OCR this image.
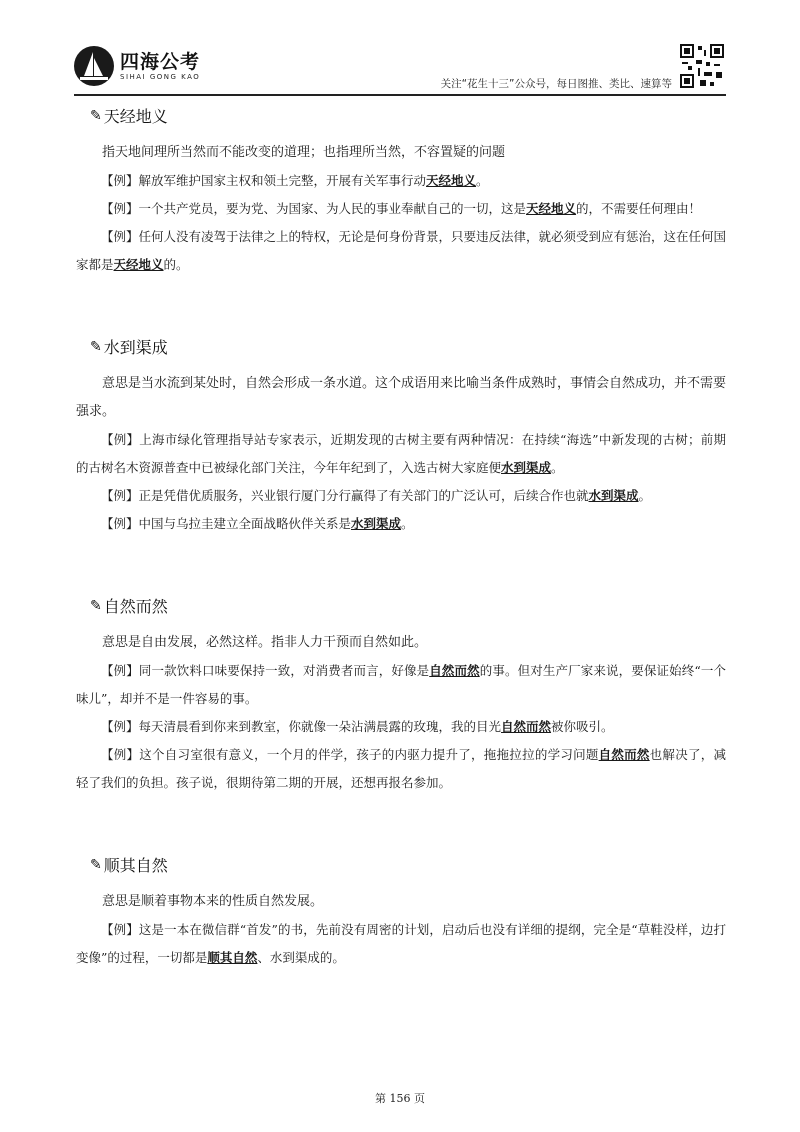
四海公考
SIHAI GONG KAO
关注“花生十三”公众号，每日图推、类比、速算等
✎ 天经地义

指天地间理所当然而不能改变的道理；也指理所当然，不容置疑的问题

【例】解放军维护国家主权和领土完整，开展有关军事行动天经地义。

【例】一个共产党员，要为党、为国家、为人民的事业奉献自己的一切，这是天经地义的，不需要任何理由！

【例】任何人没有凌驾于法律之上的特权，无论是何身份背景，只要违反法律，就必须受到应有惩治，这在任何国家都是天经地义的。

✎ 水到渠成

意思是当水流到某处时，自然会形成一条水道。这个成语用来比喻当条件成熟时，事情会自然成功，并不需要强求。

【例】上海市绿化管理指导站专家表示，近期发现的古树主要有两种情况：在持续“海选”中新发现的古树；前期的古树名木资源普查中已被绿化部门关注，今年年纪到了，入选古树大家庭便水到渠成。

【例】正是凭借优质服务，兴业银行厦门分行赢得了有关部门的广泛认可，后续合作也就水到渠成。

【例】中国与乌拉圭建立全面战略伙伴关系是水到渠成。

✎ 自然而然

意思是自由发展，必然这样。指非人力干预而自然如此。

【例】同一款饮料口味要保持一致，对消费者而言，好像是自然而然的事。但对生产厂家来说，要保证始终“一个味儿”，却并不是一件容易的事。

【例】每天清晨看到你来到教室，你就像一朵沾满晨露的玫瑰，我的目光自然而然被你吸引。

【例】这个自习室很有意义，一个月的伴学，孩子的内驱力提升了，拖拖拉拉的学习问题自然而然也解决了，减轻了我们的负担。孩子说，很期待第二期的开展，还想再报名参加。

✎ 顺其自然

意思是顺着事物本来的性质自然发展。

【例】这是一本在微信群“首发”的书，先前没有周密的计划，启动后也没有详细的提纲，完全是“草鞋没样，边打变像”的过程，一切都是顺其自然、水到渠成的。

第 156 页
